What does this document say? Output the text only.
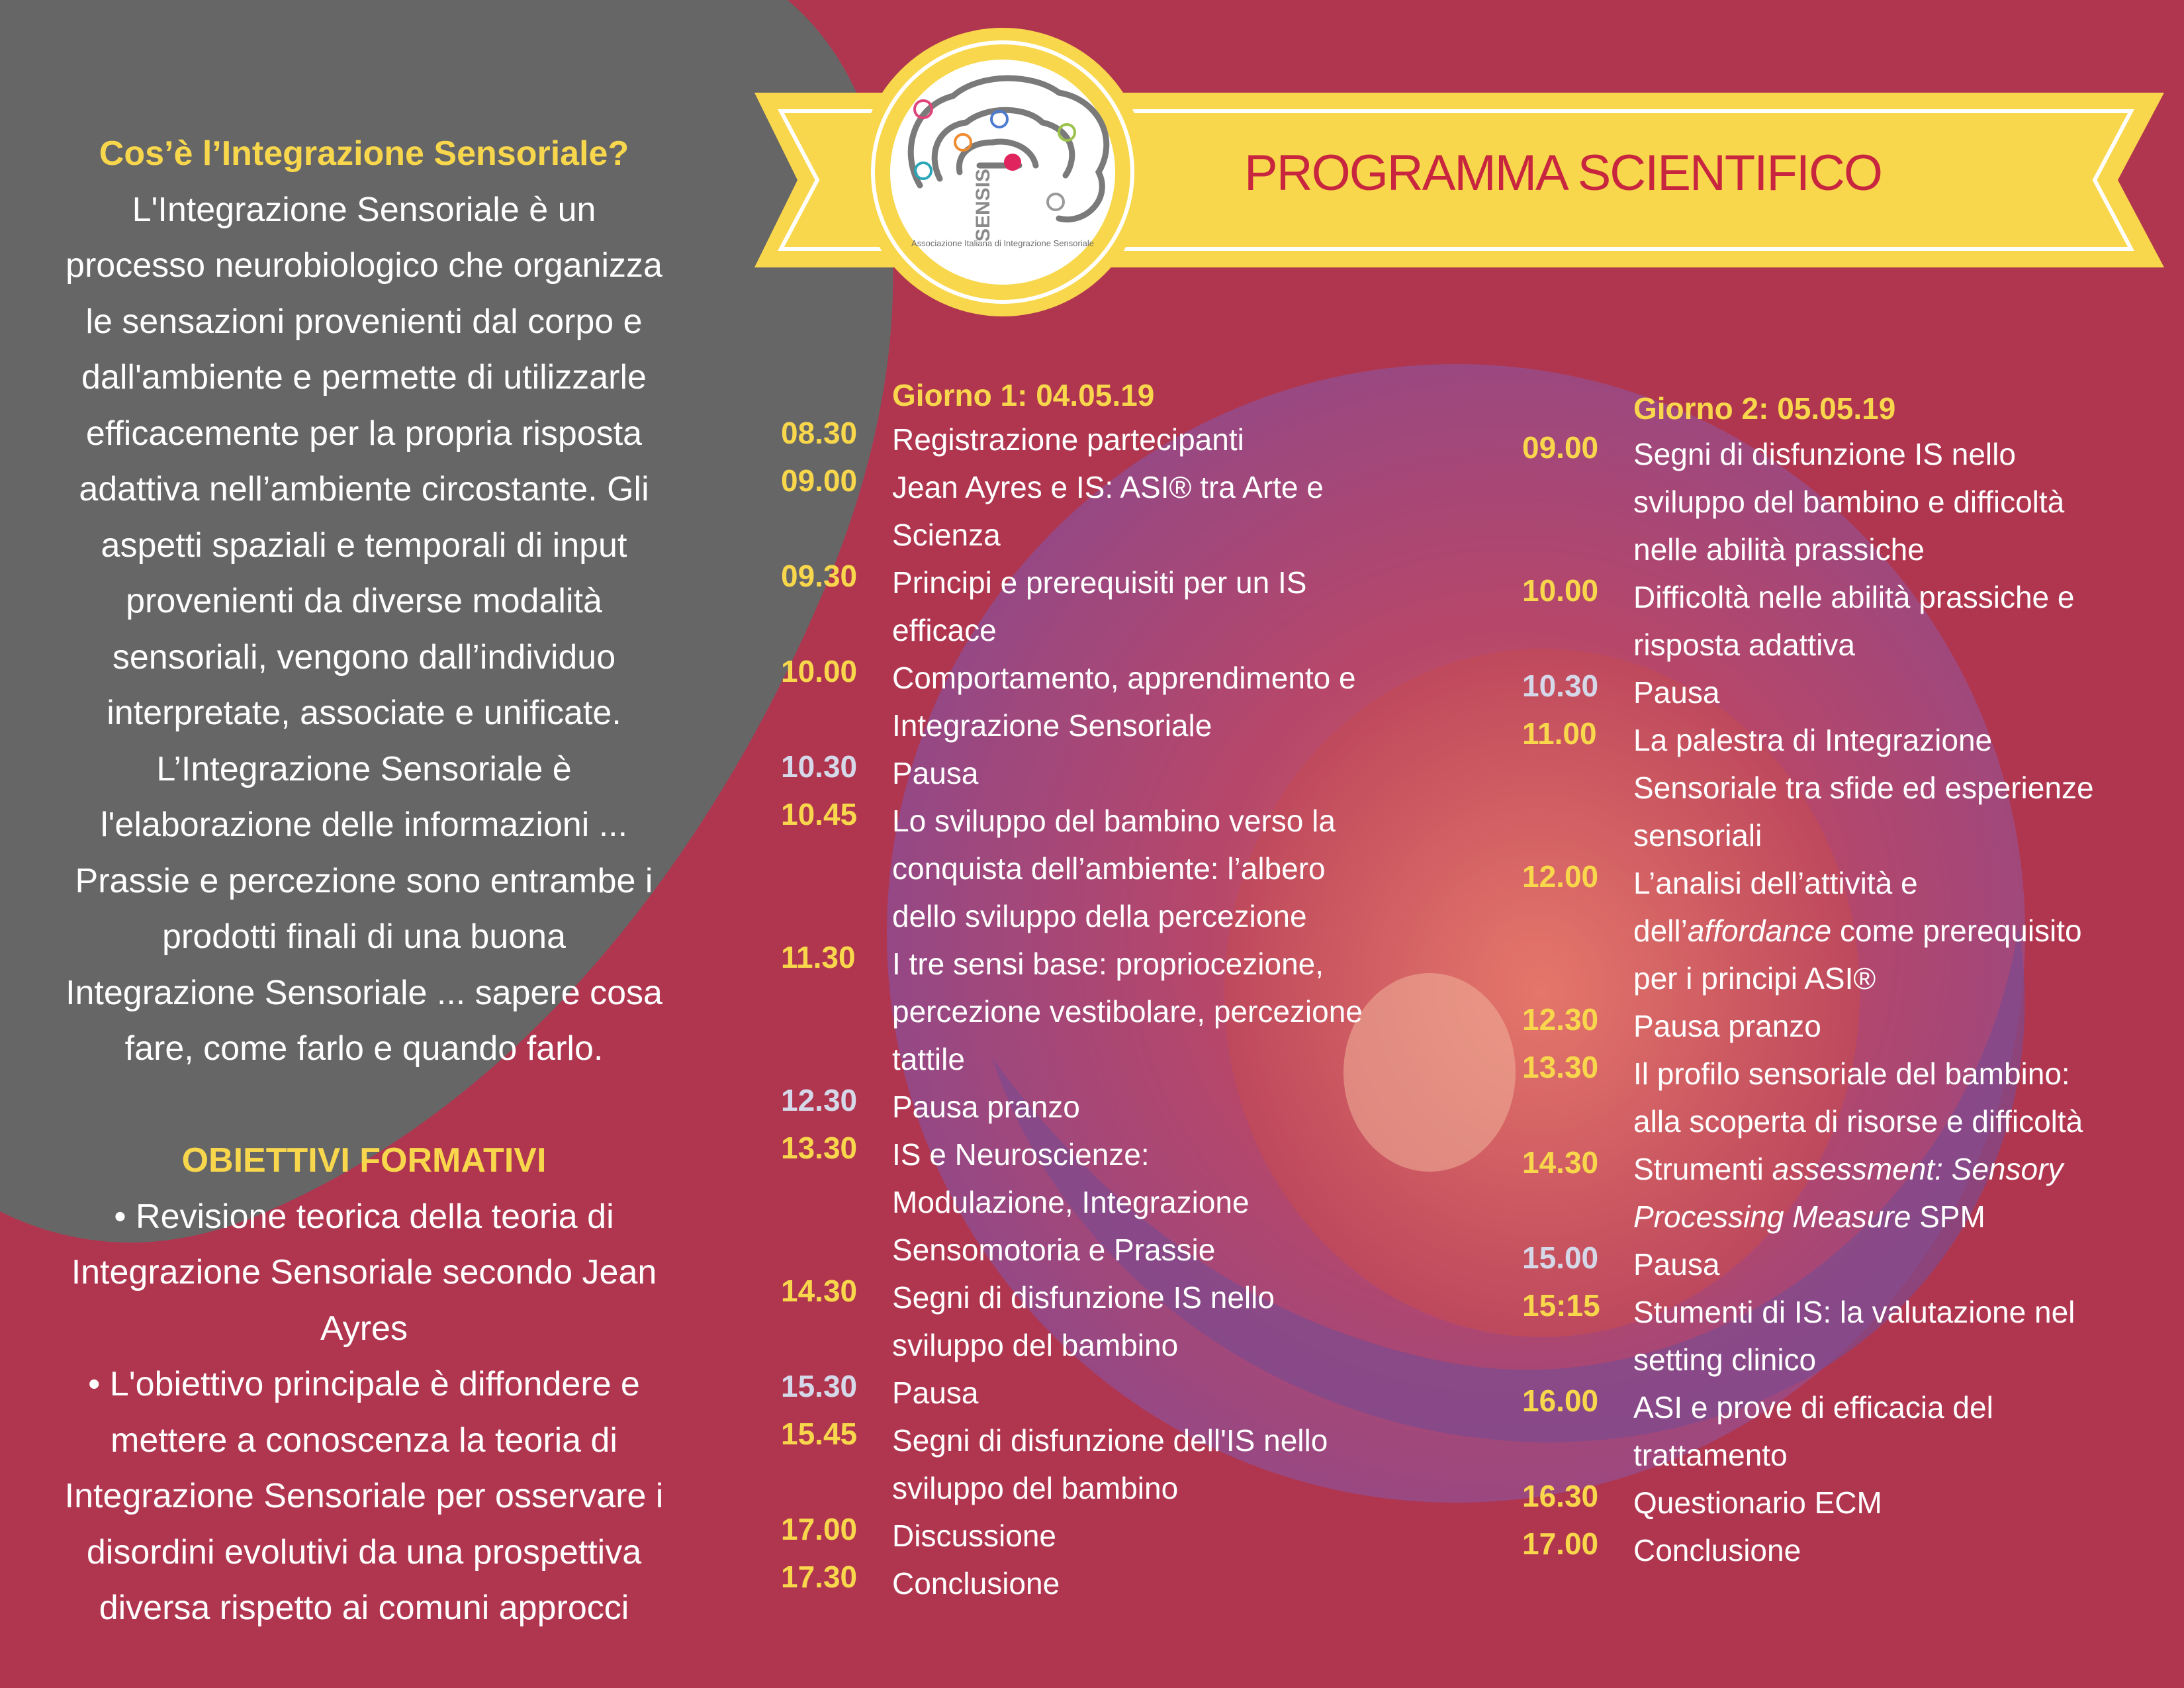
SENSIS
Associazione Italiana di Integrazione Sensoriale
PROGRAMMA SCIENTIFICO
Cos’è l’Integrazione Sensoriale?
L'Integrazione Sensoriale è un
processo neurobiologico che organizza
le sensazioni provenienti dal corpo e
dall'ambiente e permette di utilizzarle
efficacemente per la propria risposta
adattiva nell’ambiente circostante. Gli
aspetti spaziali e temporali di input
provenienti da diverse modalità
sensoriali, vengono dall’individuo
interpretate, associate e unificate.
L’Integrazione Sensoriale è
l'elaborazione delle informazioni ...
Prassie e percezione sono entrambe i
prodotti finali di una buona
Integrazione Sensoriale ... sapere cosa
fare, come farlo e quando farlo.
OBIETTIVI FORMATIVI
• Revisione teorica della teoria di
Integrazione Sensoriale secondo Jean
Ayres
• L'obiettivo principale è diffondere e
mettere a conoscenza la teoria di
Integrazione Sensoriale per osservare i
disordini evolutivi da una prospettiva
diversa rispetto ai comuni approcci
Giorno 1: 04.05.19
08.30 Registrazione partecipanti
09.00 Jean Ayres e IS: ASI® tra Arte e
Scienza
09.30 Principi e prerequisiti per un IS
efficace
10.00 Comportamento, apprendimento e
Integrazione Sensoriale
10.30 Pausa
10.45 Lo sviluppo del bambino verso la
conquista dell’ambiente: l’albero
dello sviluppo della percezione
11.30 I tre sensi base: propriocezione,
percezione vestibolare, percezione
tattile
12.30 Pausa pranzo
13.30 IS e Neuroscienze:
Modulazione, Integrazione
Sensomotoria e Prassie
14.30 Segni di disfunzione IS nello
sviluppo del bambino
15.30 Pausa
15.45 Segni di disfunzione dell'IS nello
sviluppo del bambino
17.00 Discussione
17.30 Conclusione
Giorno 2: 05.05.19
09.00 Segni di disfunzione IS nello
sviluppo del bambino e difficoltà
nelle abilità prassiche
10.00 Difficoltà nelle abilità prassiche e
risposta adattiva
10.30 Pausa
11.00 La palestra di Integrazione
Sensoriale tra sfide ed esperienze
sensoriali
12.00 L’analisi dell’attività e
dell’affordance come prerequisito
per i principi ASI®
12.30 Pausa pranzo
13.30 Il profilo sensoriale del bambino:
alla scoperta di risorse e difficoltà
14.30 Strumenti assessment: Sensory
Processing Measure SPM
15.00 Pausa
15:15 Stumenti di IS: la valutazione nel
setting clinico
16.00 ASI e prove di efficacia del
trattamento
16.30 Questionario ECM
17.00 Conclusione
